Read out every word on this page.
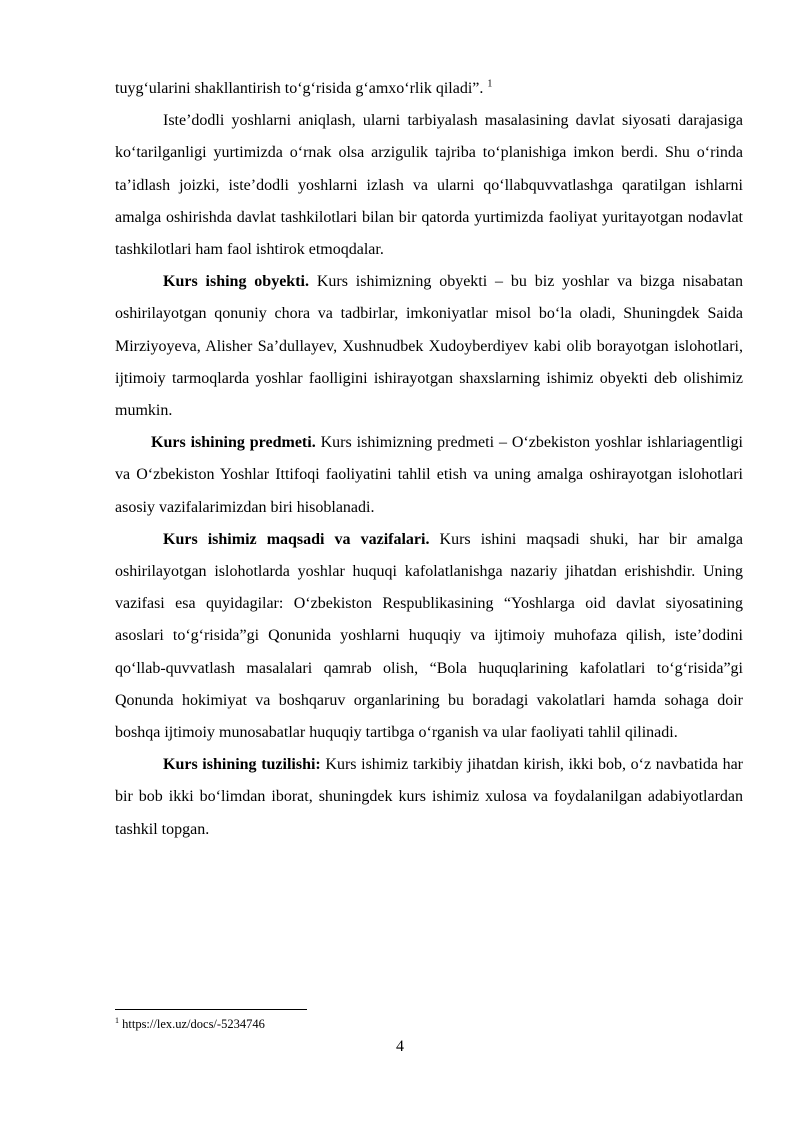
tuyg‘ularini shakllantirish to‘g‘risida g‘amxo‘rlik qiladi”. $^1$

Iste’dodli yoshlarni aniqlash, ularni tarbiyalash masalasining davlat siyosati darajasiga ko‘tarilganligi yurtimizda o‘rnak olsa arzigulik tajriba to‘planishiga imkon berdi. Shu o‘rinda ta’idlash joizki, iste’dodli yoshlarni izlash va ularni qo‘llabquvvatlashga qaratilgan ishlarni amalga oshirishda davlat tashkilotlari bilan bir qatorda yurtimizda faoliyat yuritayotgan nodavlat tashkilotlari ham faol ishtirok etmoqdalar.

Kurs ishing obyekti. Kurs ishimizning obyekti – bu biz yoshlar va bizga nisabatan oshirilayotgan qonuniy chora va tadbirlar, imkoniyatlar misol bo‘la oladi, Shuningdek Saida Mirziyoyeva, Alisher Sa’dullayev, Xushnudbek Xudoyberdiyev kabi olib borayotgan islohotlari, ijtimoiy tarmoqlarda yoshlar faolligini ishirayotgan shaxslarning ishimiz obyekti deb olishimiz mumkin.

Kurs ishining predmeti. Kurs ishimizning predmeti – O‘zbekiston yoshlar ishlariagentligi va O‘zbekiston Yoshlar Ittifoqi faoliyatini tahlil etish va uning amalga oshirayotgan islohotlari asosiy vazifalarimizdan biri hisoblanadi.

Kurs ishimiz maqsadi va vazifalari. Kurs ishini maqsadi shuki, har bir amalga oshirilayotgan islohotlarda yoshlar huquqi kafolatlanishga nazariy jihatdan erishishdir. Uning vazifasi esa quyidagilar: O‘zbekiston Respublikasining “Yoshlarga oid davlat siyosatining asoslari to‘g‘risida”gi Qonunida yoshlarni huquqiy va ijtimoiy muhofaza qilish, iste’dodini qo‘llab-quvvatlash masalalari qamrab olish, “Bola huquqlarining kafolatlari to‘g‘risida”gi Qonunda hokimiyat va boshqaruv organlarining bu boradagi vakolatlari hamda sohaga doir boshqa ijtimoiy munosabatlar huquqiy tartibga o‘rganish va ular faoliyati tahlil qilinadi.

Kurs ishining tuzilishi: Kurs ishimiz tarkibiy jihatdan kirish, ikki bob, o‘z navbatida har bir bob ikki bo‘limdan iborat, shuningdek kurs ishimiz xulosa va foydalanilgan adabiyotlardan tashkil topgan.

$^1$ https://lex.uz/docs/-5234746
4
